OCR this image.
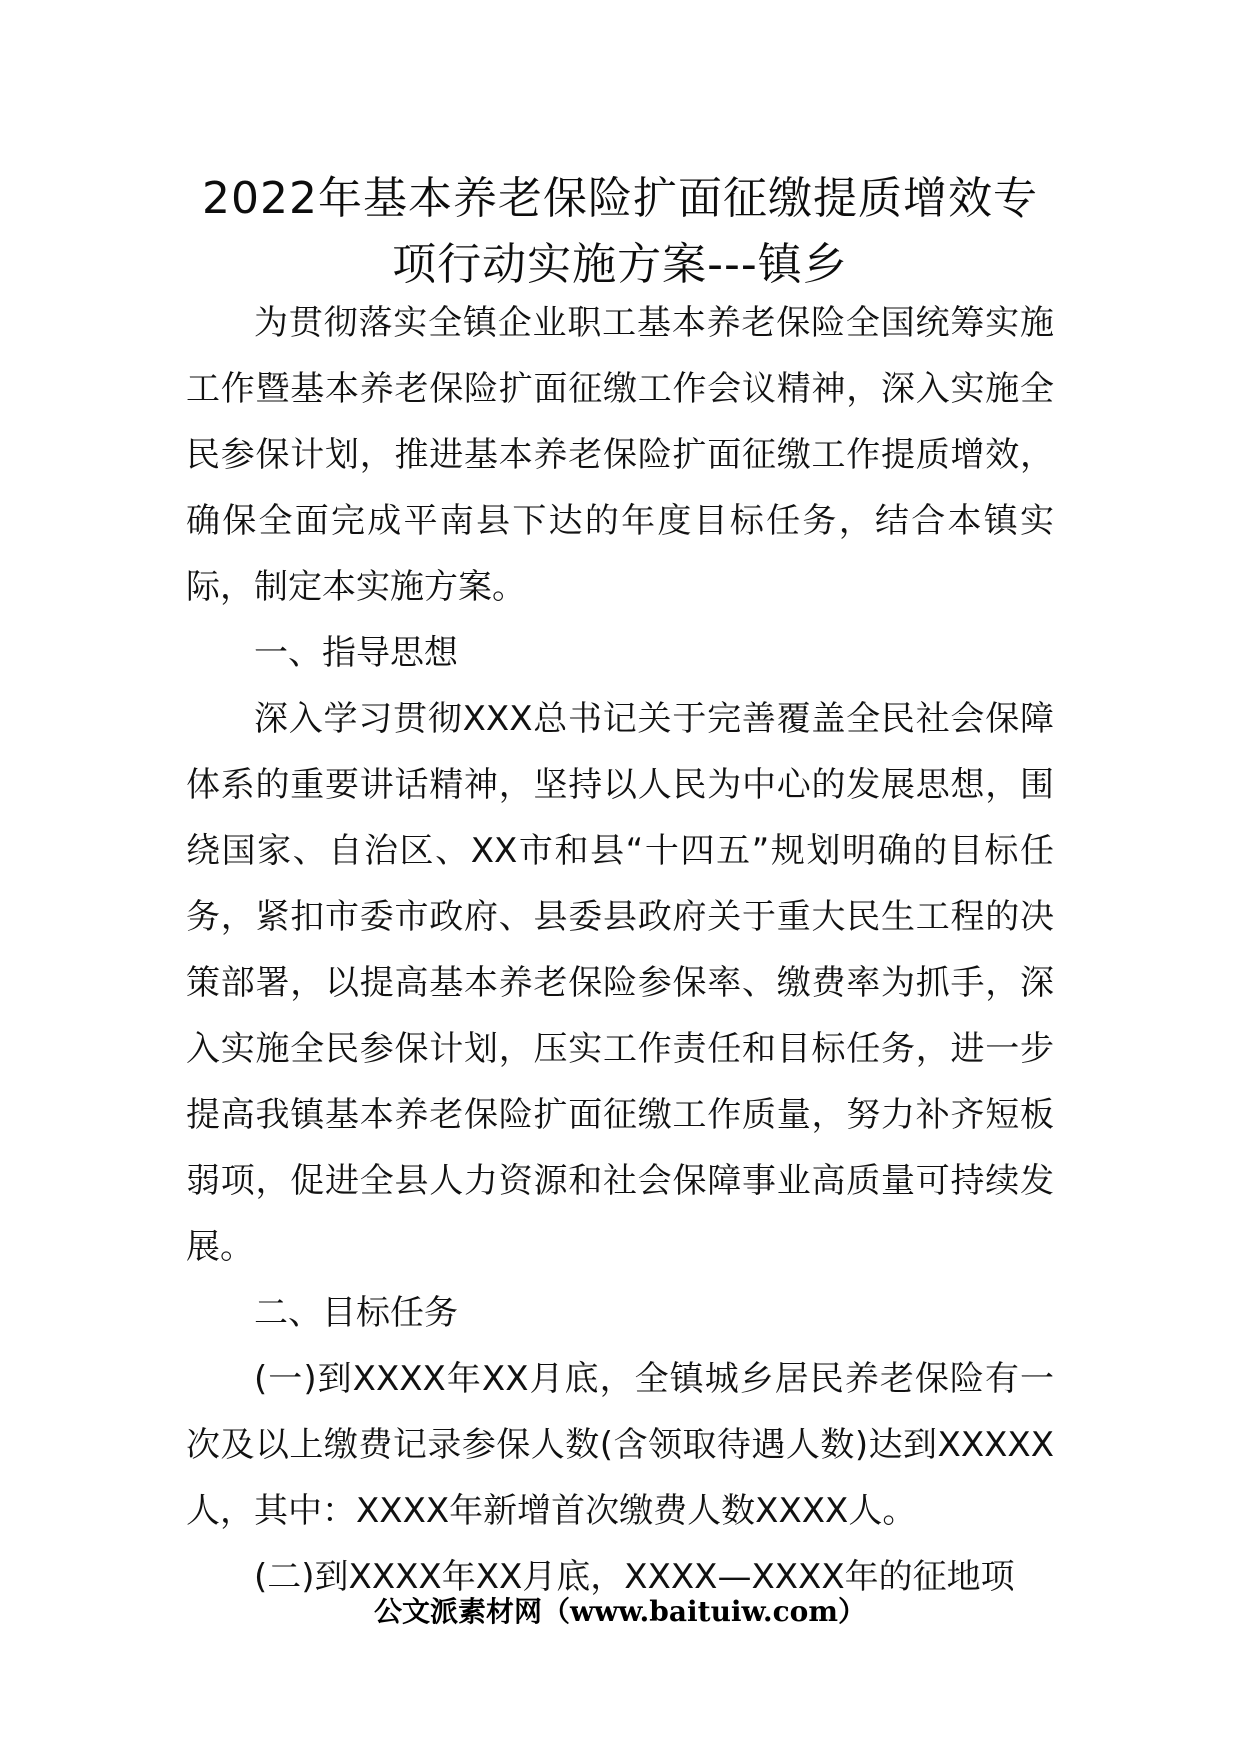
2022年基本养老保险扩面征缴提质增效专
项行动实施方案---镇乡

为贯彻落实全镇企业职工基本养老保险全国统筹实施工作暨基本养老保险扩面征缴工作会议精神，深入实施全民参保计划，推进基本养老保险扩面征缴工作提质增效，确保全面完成平南县下达的年度目标任务，结合本镇实际，制定本实施方案。

一、指导思想

深入学习贯彻XXX总书记关于完善覆盖全民社会保障体系的重要讲话精神，坚持以人民为中心的发展思想，围绕国家、自治区、XX市和县“十四五”规划明确的目标任务，紧扣市委市政府、县委县政府关于重大民生工程的决策部署，以提高基本养老保险参保率、缴费率为抓手，深入实施全民参保计划，压实工作责任和目标任务，进一步提高我镇基本养老保险扩面征缴工作质量，努力补齐短板弱项，促进全县人力资源和社会保障事业高质量可持续发展。

二、目标任务

(一)到XXXX年XX月底，全镇城乡居民养老保险有一次及以上缴费记录参保人数(含领取待遇人数)达到XXXXX人，其中：XXXX年新增首次缴费人数XXXX人。

(二)到XXXX年XX月底，XXXX—XXXX年的征地项

公文派素材网（www.baituiw.com）
